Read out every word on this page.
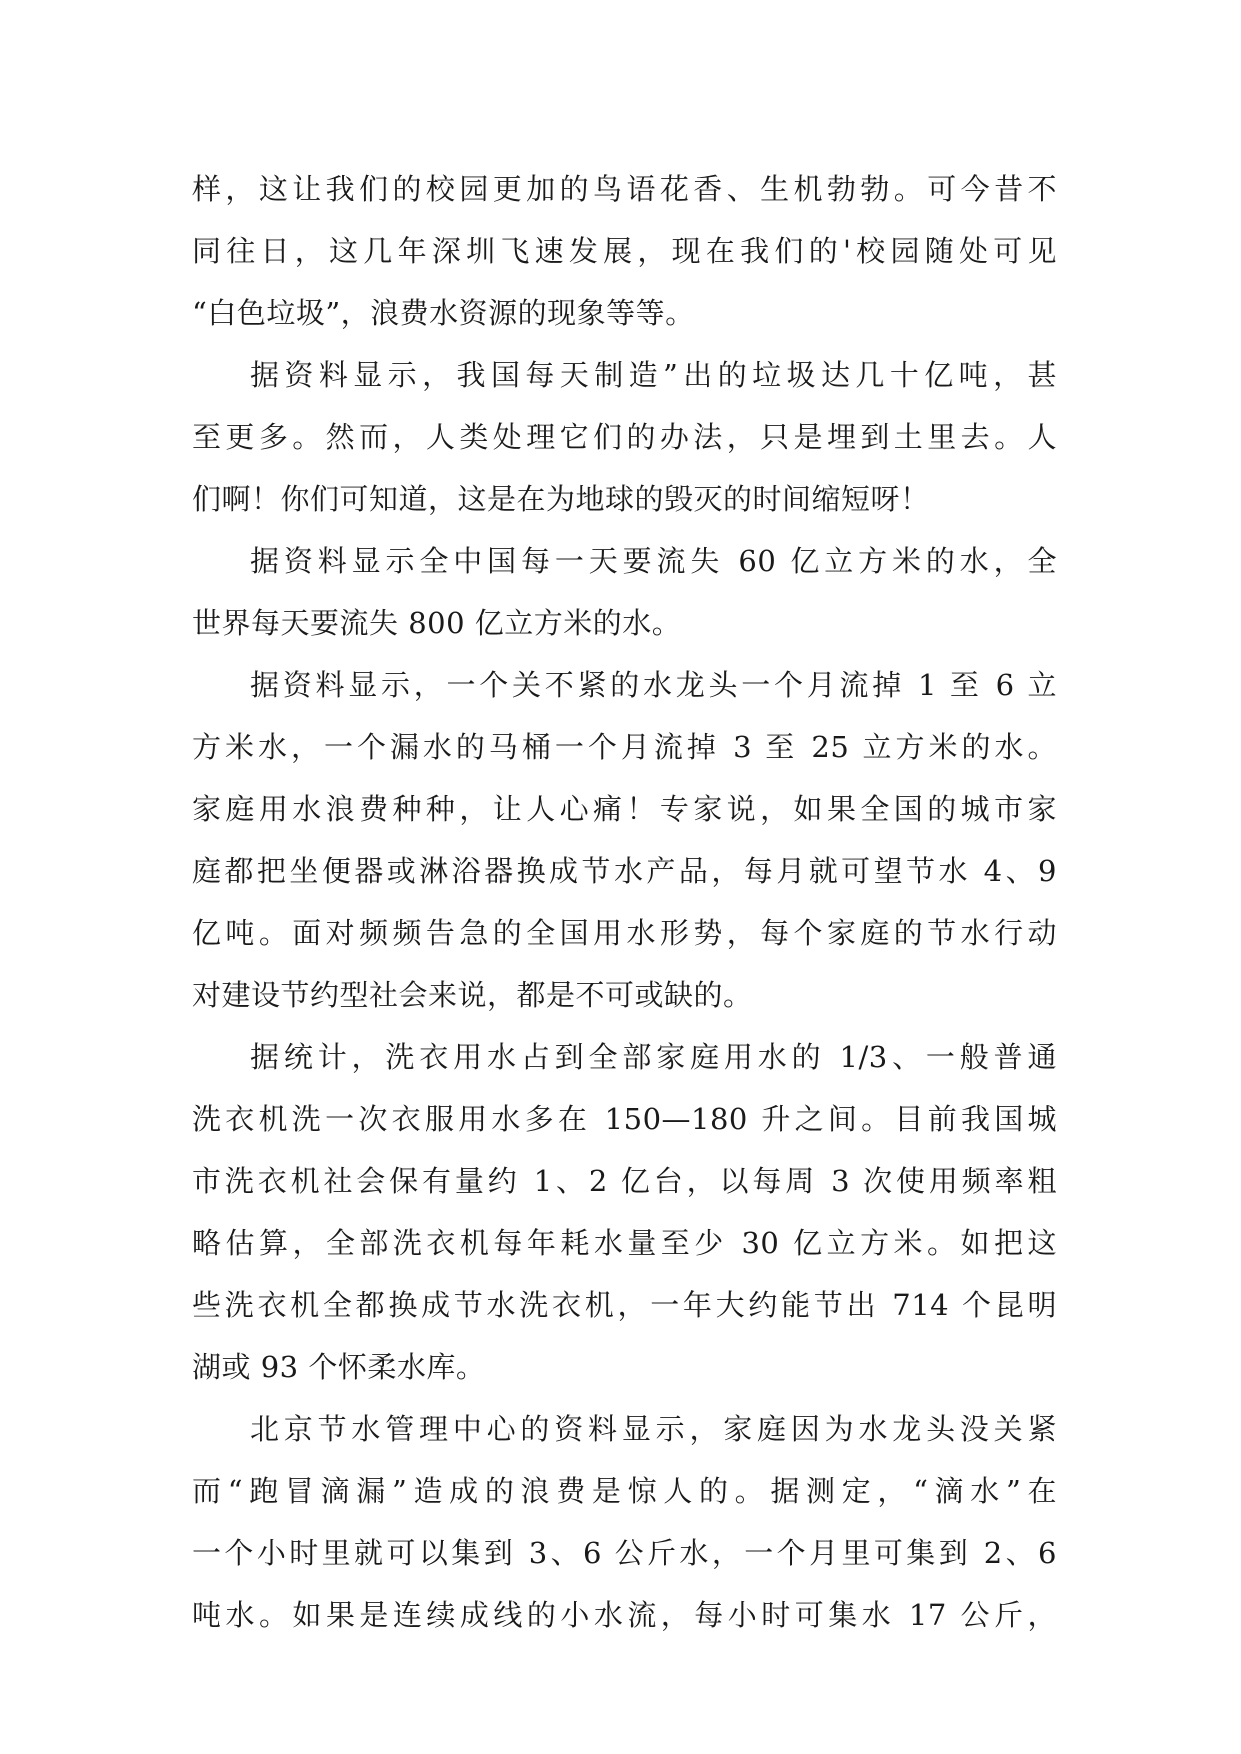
样，这让我们的校园更加的鸟语花香、生机勃勃。可今昔不
同往日，这几年深圳飞速发展，现在我们的'校园随处可见
“白色垃圾”，浪费水资源的现象等等。
据资料显示，我国每天制造”出的垃圾达几十亿吨，甚
至更多。然而，人类处理它们的办法，只是埋到土里去。人
们啊！你们可知道，这是在为地球的毁灭的时间缩短呀！
据资料显示全中国每一天要流失 60 亿立方米的水，全
世界每天要流失 800 亿立方米的水。
据资料显示，一个关不紧的水龙头一个月流掉 1 至 6 立
方米水，一个漏水的马桶一个月流掉 3 至 25 立方米的水。
家庭用水浪费种种，让人心痛！专家说，如果全国的城市家
庭都把坐便器或淋浴器换成节水产品，每月就可望节水 4、9
亿吨。面对频频告急的全国用水形势，每个家庭的节水行动
对建设节约型社会来说，都是不可或缺的。
据统计，洗衣用水占到全部家庭用水的 1/3、一般普通
洗衣机洗一次衣服用水多在 150—180 升之间。目前我国城
市洗衣机社会保有量约 1、2 亿台，以每周 3 次使用频率粗
略估算，全部洗衣机每年耗水量至少 30 亿立方米。如把这
些洗衣机全都换成节水洗衣机，一年大约能节出 714 个昆明
湖或 93 个怀柔水库。
北京节水管理中心的资料显示，家庭因为水龙头没关紧
而“跑冒滴漏”造成的浪费是惊人的。据测定，“滴水”在
一个小时里就可以集到 3、6 公斤水，一个月里可集到 2、6
吨水。如果是连续成线的小水流，每小时可集水 17 公斤，
